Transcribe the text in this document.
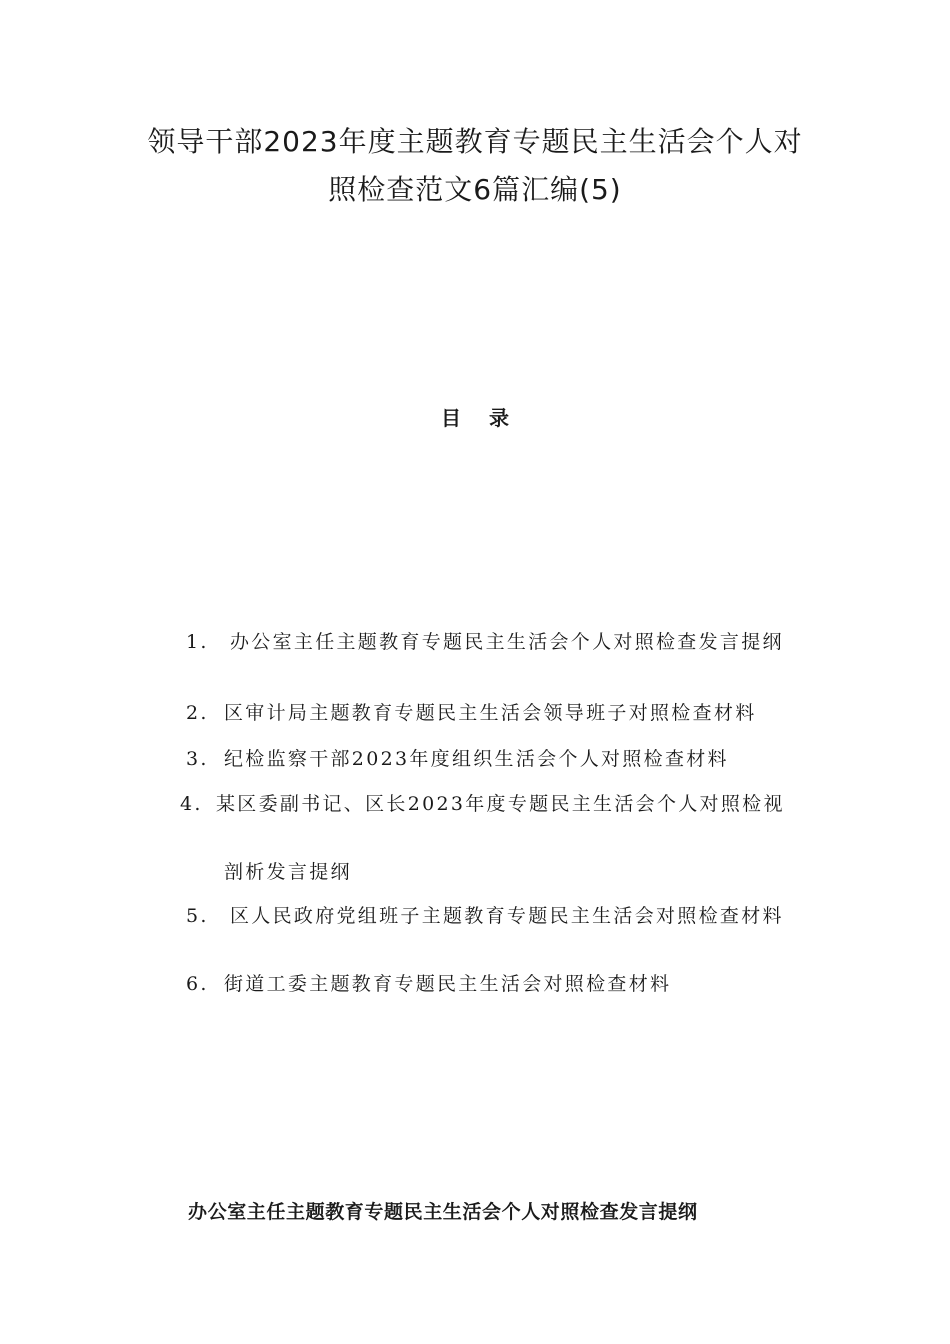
领导干部2023年度主题教育专题民主生活会个人对
照检查范文6篇汇编(5)
目录
1. 办公室主任主题教育专题民主生活会个人对照检查发言提纲
2. 区审计局主题教育专题民主生活会领导班子对照检查材料
3. 纪检监察干部2023年度组织生活会个人对照检查材料
4. 某区委副书记、区长2023年度专题民主生活会个人对照检视
剖析发言提纲
5. 区人民政府党组班子主题教育专题民主生活会对照检查材料
6. 街道工委主题教育专题民主生活会对照检查材料
办公室主任主题教育专题民主生活会个人对照检查发言提纲
